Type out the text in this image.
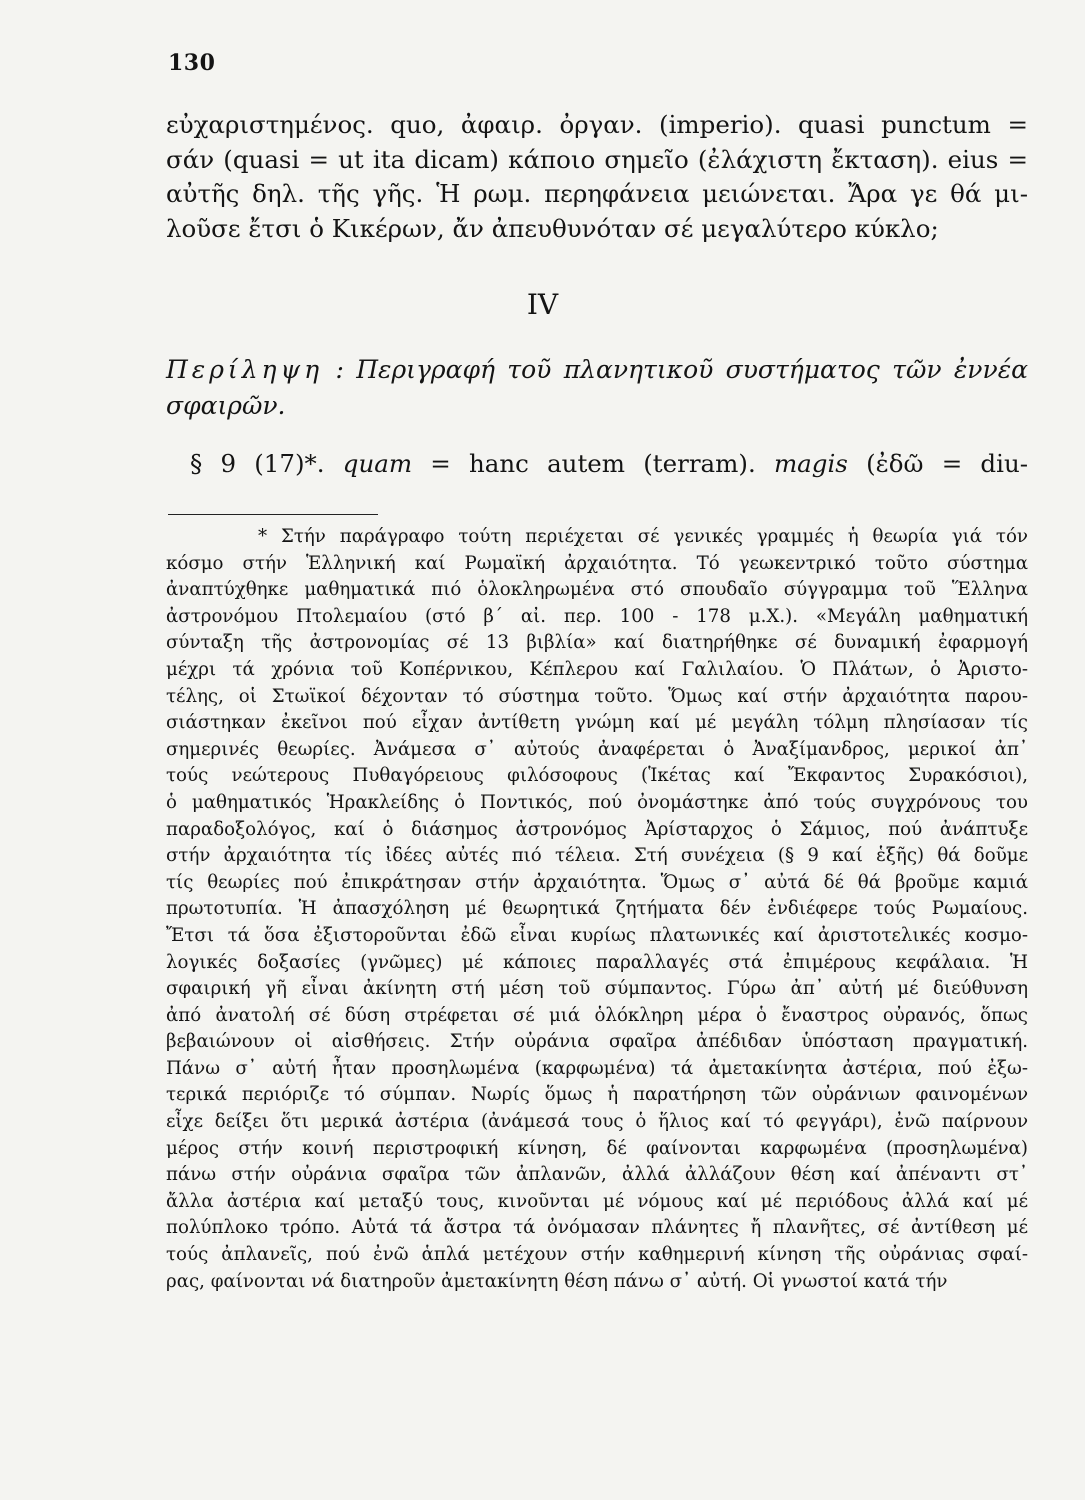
130
εὐχαριστημένος. quo, ἀφαιρ. ὀργαν. (imperio). quasi punctum =
σάν (quasi = ut ita dicam) κάποιο σημεῖο (ἐλάχιστη ἔκταση). eius =
αὐτῆς δηλ. τῆς γῆς. Ἡ ρωμ. περηφάνεια μειώνεται. Ἄρα γε θά μι-
λοῦσε ἔτσι ὁ Κικέρων, ἄν ἀπευθυνόταν σέ μεγαλύτερο κύκλο;
IV
Περίληψη : Περιγραφή τοῦ πλανητικοῦ συστήματος τῶν ἐννέα
σφαιρῶν.
§ 9 (17)*. quam = hanc autem (terram). magis (ἐδῶ = diu-
* Στήν παράγραφο τούτη περιέχεται σέ γενικές γραμμές ἡ θεωρία γιά τόν
κόσμο στήν Ἑλληνική καί Ρωμαϊκή ἀρχαιότητα. Τό γεωκεντρικό τοῦτο σύστημα
ἀναπτύχθηκε μαθηματικά πιό ὁλοκληρωμένα στό σπουδαῖο σύγγραμμα τοῦ Ἕλληνα
ἀστρονόμου Πτολεμαίου (στό β΄ αἰ. περ. 100 - 178 μ.Χ.). «Μεγάλη μαθηματική
σύνταξη τῆς ἀστρονομίας σέ 13 βιβλία» καί διατηρήθηκε σέ δυναμική ἐφαρμογή
μέχρι τά χρόνια τοῦ Κοπέρνικου, Κέπλερου καί Γαλιλαίου. Ὁ Πλάτων, ὁ Ἀριστο-
τέλης, οἱ Στωϊκοί δέχονταν τό σύστημα τοῦτο. Ὅμως καί στήν ἀρχαιότητα παρου-
σιάστηκαν ἐκεῖνοι πού εἶχαν ἀντίθετη γνώμη καί μέ μεγάλη τόλμη πλησίασαν τίς
σημερινές θεωρίες. Ἀνάμεσα σ᾽ αὐτούς ἀναφέρεται ὁ Ἀναξίμανδρος, μερικοί ἀπ᾽
τούς νεώτερους Πυθαγόρειους φιλόσοφους (Ἱκέτας καί Ἔκφαντος Συρακόσιοι),
ὁ μαθηματικός Ἡρακλείδης ὁ Ποντικός, πού ὀνομάστηκε ἀπό τούς συγχρόνους του
παραδοξολόγος, καί ὁ διάσημος ἀστρονόμος Ἀρίσταρχος ὁ Σάμιος, πού ἀνάπτυξε
στήν ἀρχαιότητα τίς ἰδέες αὐτές πιό τέλεια. Στή συνέχεια (§ 9 καί ἑξῆς) θά δοῦμε
τίς θεωρίες πού ἐπικράτησαν στήν ἀρχαιότητα. Ὅμως σ᾽ αὐτά δέ θά βροῦμε καμιά
πρωτοτυπία. Ἡ ἀπασχόληση μέ θεωρητικά ζητήματα δέν ἐνδιέφερε τούς Ρωμαίους.
Ἔτσι τά ὅσα ἐξιστοροῦνται ἐδῶ εἶναι κυρίως πλατωνικές καί ἀριστοτελικές κοσμο-
λογικές δοξασίες (γνῶμες) μέ κάποιες παραλλαγές στά ἐπιμέρους κεφάλαια. Ἡ
σφαιρική γῆ εἶναι ἀκίνητη στή μέση τοῦ σύμπαντος. Γύρω ἀπ᾽ αὐτή μέ διεύθυνση
ἀπό ἀνατολή σέ δύση στρέφεται σέ μιά ὁλόκληρη μέρα ὁ ἔναστρος οὐρανός, ὅπως
βεβαιώνουν οἱ αἰσθήσεις. Στήν οὐράνια σφαῖρα ἀπέδιδαν ὑπόσταση πραγματική.
Πάνω σ᾽ αὐτή ἦταν προσηλωμένα (καρφωμένα) τά ἀμετακίνητα ἀστέρια, πού ἐξω-
τερικά περιόριζε τό σύμπαν. Νωρίς ὅμως ἡ παρατήρηση τῶν οὐράνιων φαινομένων
εἶχε δείξει ὅτι μερικά ἀστέρια (ἀνάμεσά τους ὁ ἥλιος καί τό φεγγάρι), ἐνῶ παίρνουν
μέρος στήν κοινή περιστροφική κίνηση, δέ φαίνονται καρφωμένα (προσηλωμένα)
πάνω στήν οὐράνια σφαῖρα τῶν ἀπλανῶν, ἀλλά ἀλλάζουν θέση καί ἀπέναντι στ᾽
ἄλλα ἀστέρια καί μεταξύ τους, κινοῦνται μέ νόμους καί μέ περιόδους ἀλλά καί μέ
πολύπλοκο τρόπο. Αὐτά τά ἄστρα τά ὀνόμασαν πλάνητες ἤ πλανῆτες, σέ ἀντίθεση μέ
τούς ἀπλανεῖς, πού ἐνῶ ἁπλά μετέχουν στήν καθημερινή κίνηση τῆς οὐράνιας σφαί-
ρας, φαίνονται νά διατηροῦν ἀμετακίνητη θέση πάνω σ᾽ αὐτή. Οἱ γνωστοί κατά τήν
